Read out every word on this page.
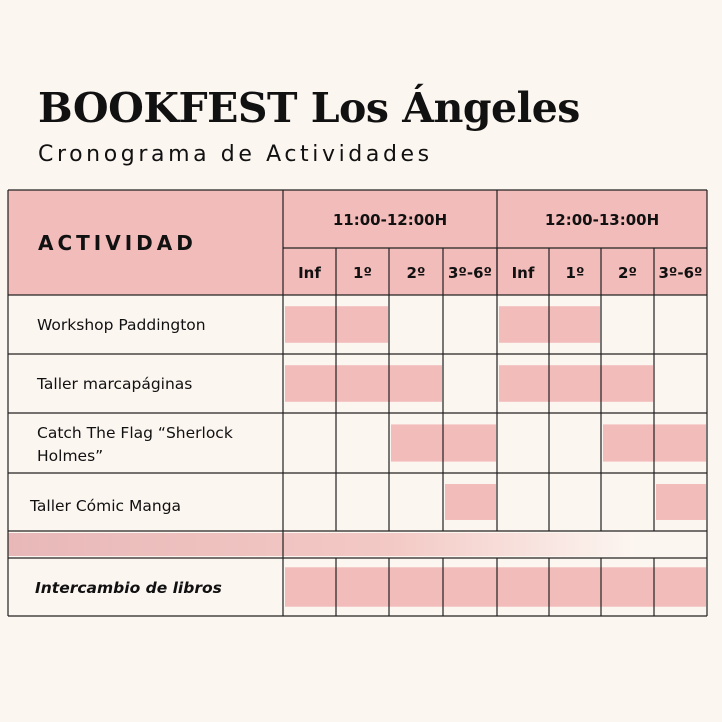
BOOKFEST Los Ángeles

Cronograma de Actividades

ACTIVIDAD
11:00-12:00H
Inf 1º 2º 3º-6º
12:00-13:00H
Inf 1º 2º 3º-6º
Workshop Paddington
Taller marcapáginas
Catch The Flag “Sherlock Holmes”
Taller Cómic Manga
Intercambio de libros
